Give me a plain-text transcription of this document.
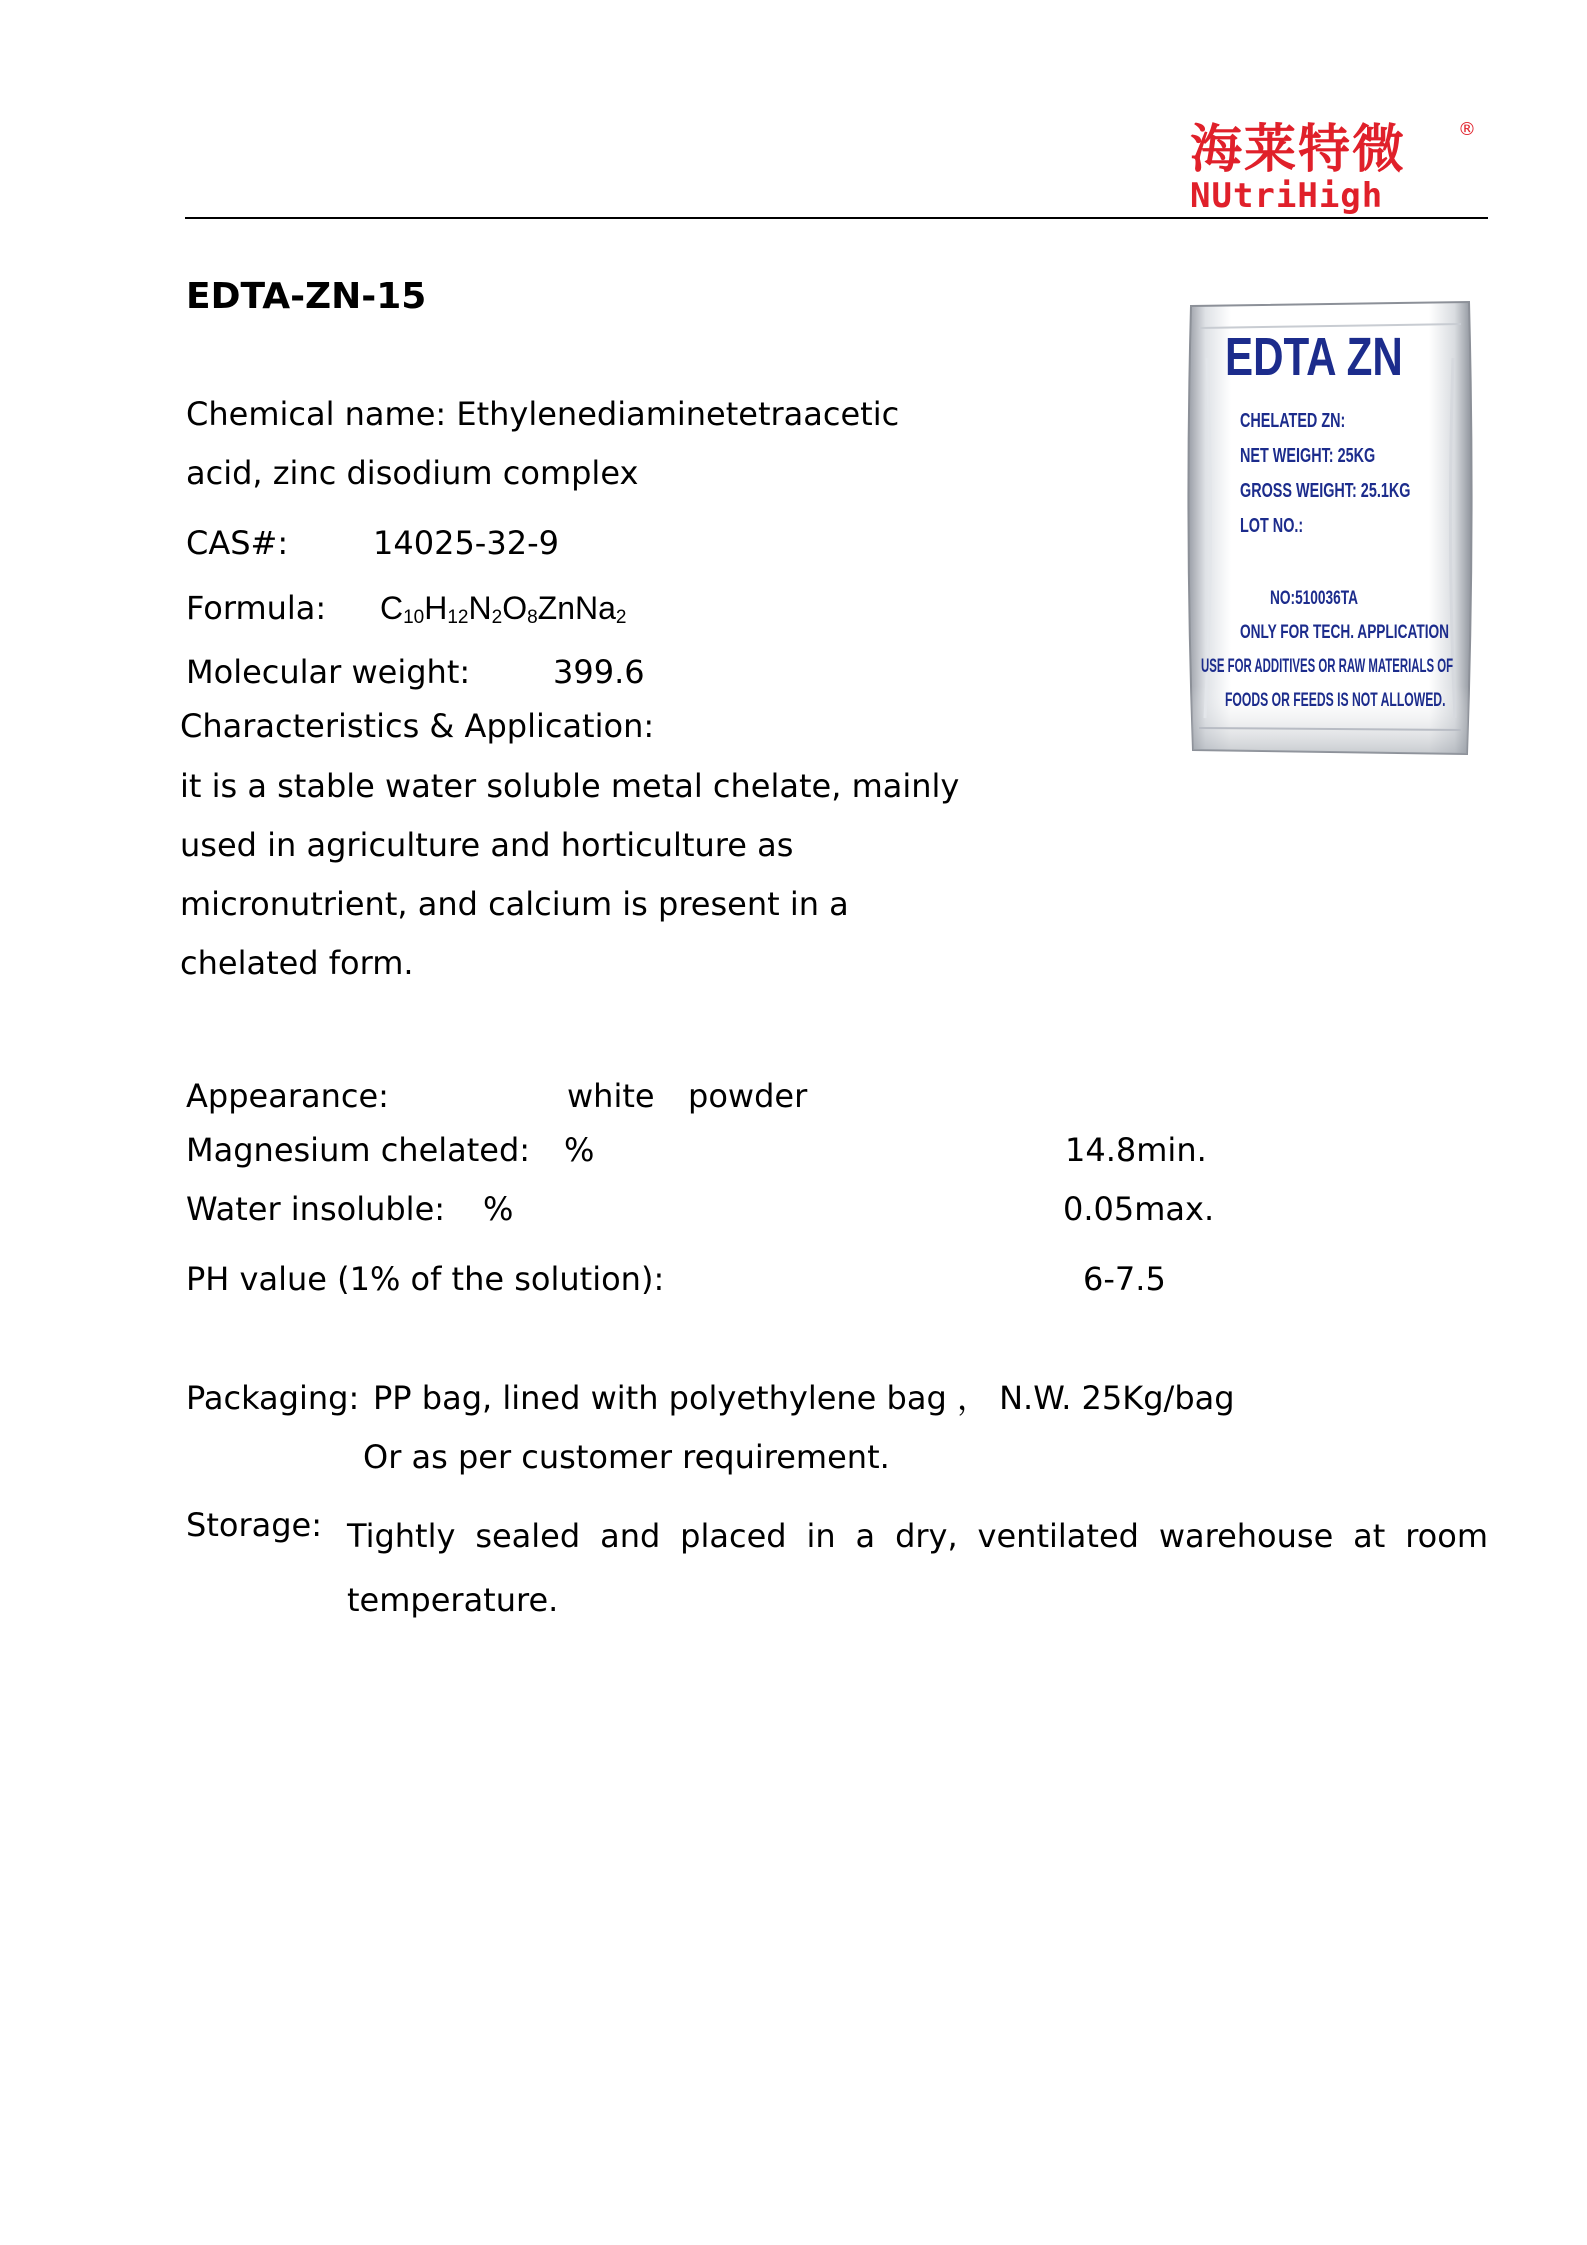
海莱特微	®
NUtriHigh
EDTA-ZN-15
Chemical name: Ethylenediaminetetraacetic
acid, zinc disodium complex
CAS#:	14025-32-9
Formula: $C_{10}H_{12}N_2O_8ZnNa_2$
Molecular weight:	399.6
Characteristics & Application:
it is a stable water soluble metal chelate, mainly
used in agriculture and horticulture as
micronutrient, and calcium is present in a
chelated form.
Appearance:	white powder
Magnesium chelated: %	14.8min.
Water insoluble: %	0.05max.
PH value (1% of the solution):	6-7.5
Packaging: PP bag, lined with polyethylene bag ， N.W. 25Kg/bag
Or as per customer requirement.
Storage: Tightly sealed and placed in a dry, ventilated warehouse at room temperature.
EDTA ZN
CHELATED ZN:
NET WEIGHT: 25KG
GROSS WEIGHT: 25.1KG
LOT NO.:
NO:510036TA
ONLY FOR TECH. APPLICATION
USE FOR ADDITIVES OR RAW MATERIALS OF
FOODS OR FEEDS IS NOT ALLOWED.
